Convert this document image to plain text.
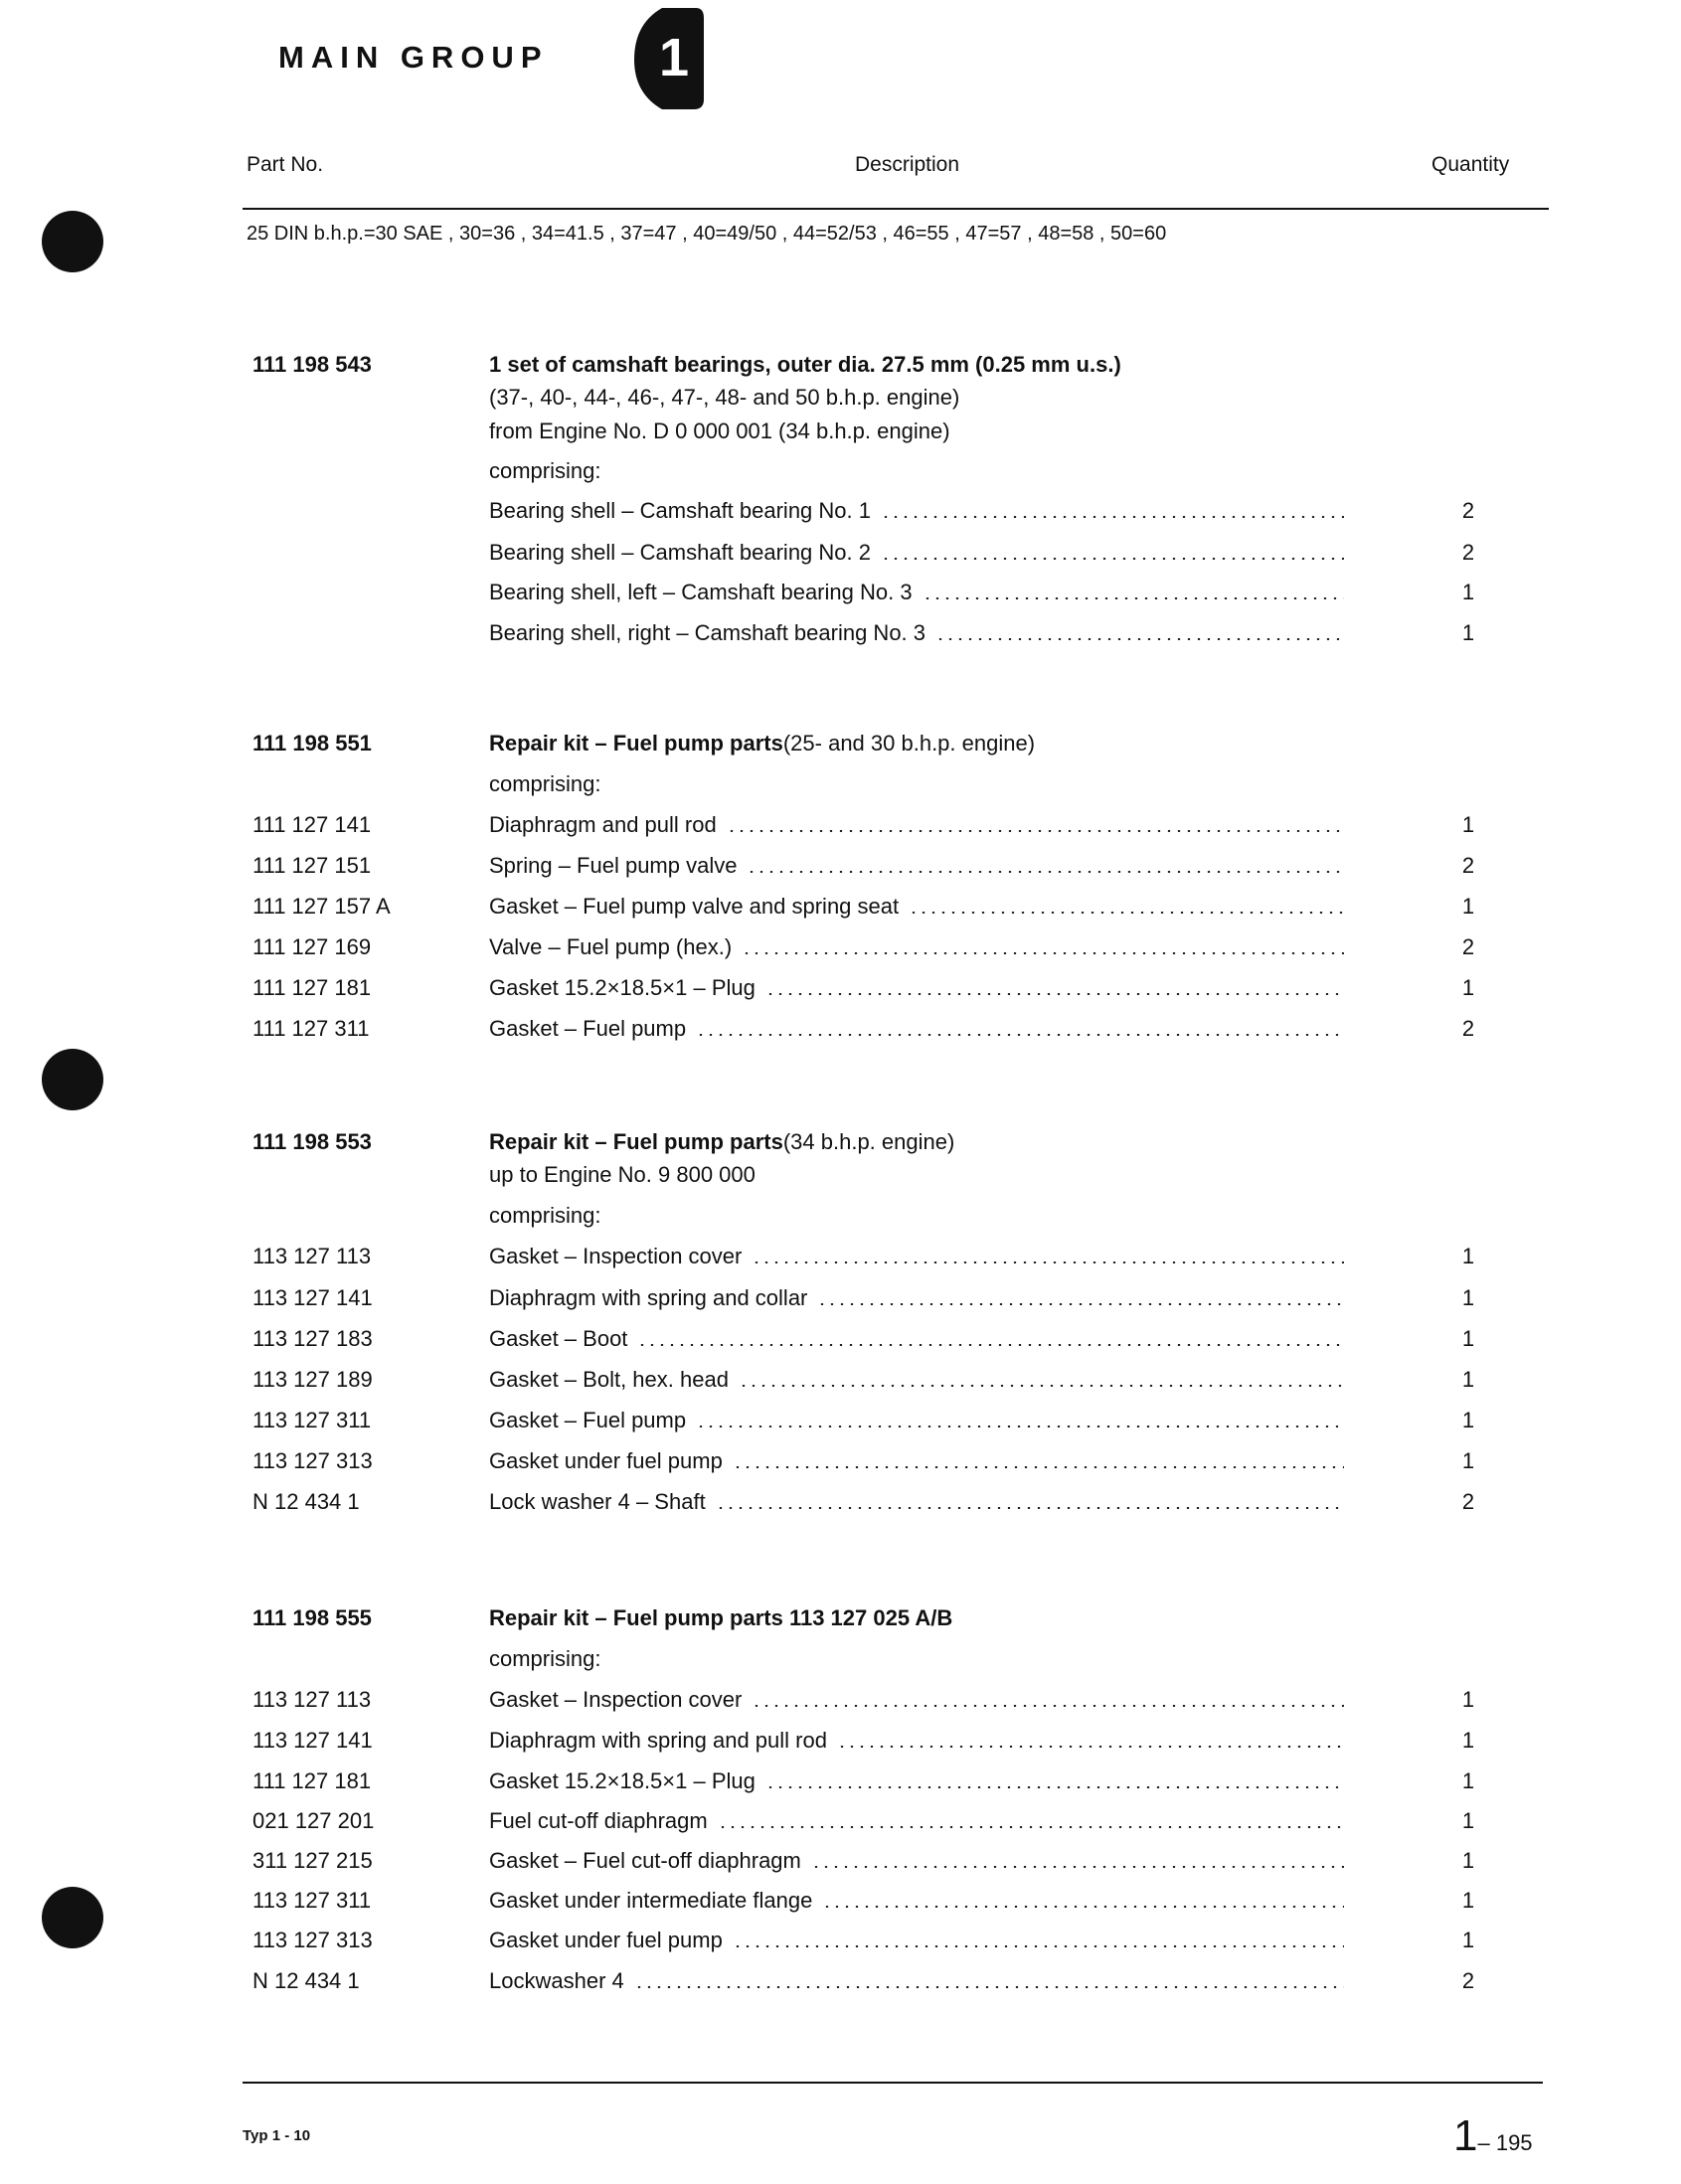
MAIN GROUP 1
Part No.	Description	Quantity
25 DIN b.h.p.=30 SAE , 30=36 , 34=41.5 , 37=47 , 40=49/50 , 44=52/53 , 46=55 , 47=57 , 48=58 , 50=60
111 198 543	1 set of camshaft bearings, outer dia. 27.5 mm (0.25 mm u.s.)
(37-, 40-, 44-, 46-, 47-, 48- and 50 b.h.p. engine)
from Engine No. D 0 000 001 (34 b.h.p. engine)
comprising:
Bearing shell – Camshaft bearing No. 1	2
Bearing shell – Camshaft bearing No. 2	2
Bearing shell, left – Camshaft bearing No. 3	1
Bearing shell, right – Camshaft bearing No. 3	1
111 198 551	Repair kit – Fuel pump parts (25- and 30 b.h.p. engine)
comprising:
111 127 141	Diaphragm and pull rod	1
111 127 151	Spring – Fuel pump valve	2
111 127 157 A	Gasket – Fuel pump valve and spring seat	1
111 127 169	Valve – Fuel pump (hex.)	2
111 127 181	Gasket 15.2×18.5×1 – Plug	1
111 127 311	Gasket – Fuel pump	2
111 198 553	Repair kit – Fuel pump parts (34 b.h.p. engine)
up to Engine No. 9 800 000
comprising:
113 127 113	Gasket – Inspection cover	1
113 127 141	Diaphragm with spring and collar	1
113 127 183	Gasket – Boot	1
113 127 189	Gasket – Bolt, hex. head	1
113 127 311	Gasket – Fuel pump	1
113 127 313	Gasket under fuel pump	1
N 12 434 1	Lock washer 4 – Shaft	2
111 198 555	Repair kit – Fuel pump parts 113 127 025 A/B
comprising:
113 127 113	Gasket – Inspection cover	1
113 127 141	Diaphragm with spring and pull rod	1
111 127 181	Gasket 15.2×18.5×1 – Plug	1
021 127 201	Fuel cut-off diaphragm	1
311 127 215	Gasket – Fuel cut-off diaphragm	1
113 127 311	Gasket under intermediate flange	1
113 127 313	Gasket under fuel pump	1
N 12 434 1	Lockwasher 4	2
Typ 1 - 10	1– 195
